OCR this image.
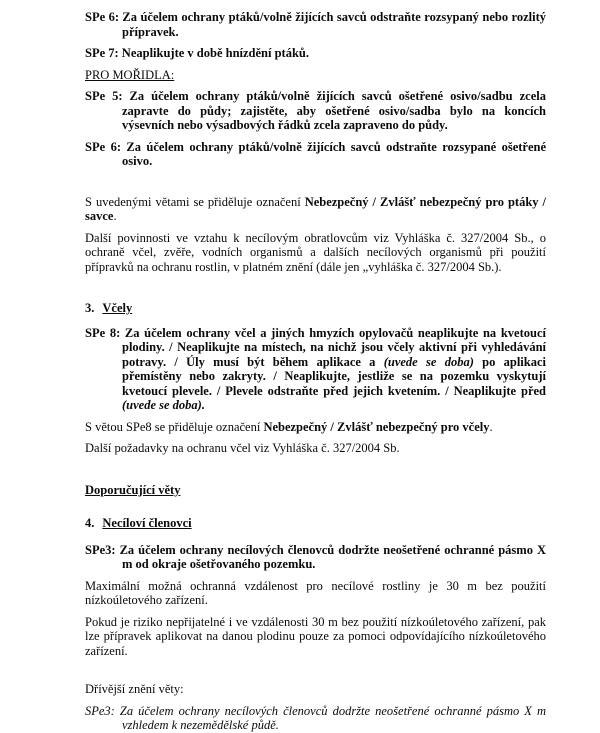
SPe 6: Za účelem ochrany ptáků/volně žijících savců odstraňte rozsypaný nebo rozlitý přípravek.

SPe 7: Neaplikujte v době hnízdění ptáků.

PRO MOŘIDLA:

SPe 5: Za účelem ochrany ptáků/volně žijících savců ošetřené osivo/sadbu zcela zapravte do půdy; zajistěte, aby ošetřené osivo/sadba bylo na koncích výsevních nebo výsadbových řádků zcela zapraveno do půdy.

SPe 6: Za účelem ochrany ptáků/volně žijících savců odstraňte rozsypané ošetřené osivo.

S uvedenými větami se přiděluje označení Nebezpečný / Zvlášť nebezpečný pro ptáky / savce.

Další povinnosti ve vztahu k necílovým obratlovcům viz Vyhláška č. 327/2004 Sb., o ochraně včel, zvěře, vodních organismů a dalších necílových organismů při použití přípravků na ochranu rostlin, v platném znění (dále jen „vyhláška č. 327/2004 Sb.).

3. Včely

SPe 8: Za účelem ochrany včel a jiných hmyzích opylovačů neaplikujte na kvetoucí plodiny. / Neaplikujte na místech, na nichž jsou včely aktivní při vyhledávání potravy. / Úly musí být během aplikace a (uvede se doba) po aplikaci přemístěny nebo zakryty. / Neaplikujte, jestliže se na pozemku vyskytují kvetoucí plevele. / Plevele odstraňte před jejich kvetením. / Neaplikujte před (uvede se doba).

S větou SPe8 se přiděluje označení Nebezpečný / Zvlášť nebezpečný pro včely.

Další požadavky na ochranu včel viz Vyhláška č. 327/2004 Sb.

Doporučující věty

4. Necíloví členovci

SPe3: Za účelem ochrany necílových členovců dodržte neošetřené ochranné pásmo X m od okraje ošetřovaného pozemku.

Maximální možná ochranná vzdálenost pro necílové rostliny je 30 m bez použití nízkoúletového zařízení.

Pokud je riziko nepřijatelné i ve vzdálenosti 30 m bez použití nízkoúletového zařízení, pak lze přípravek aplikovat na danou plodinu pouze za pomoci odpovídajícího nízkoúletového zařízení.

Dřívější znění věty:

SPe3: Za účelem ochrany necílových členovců dodržte neošetřené ochranné pásmo X m vzhledem k nezemědělské půdě.
